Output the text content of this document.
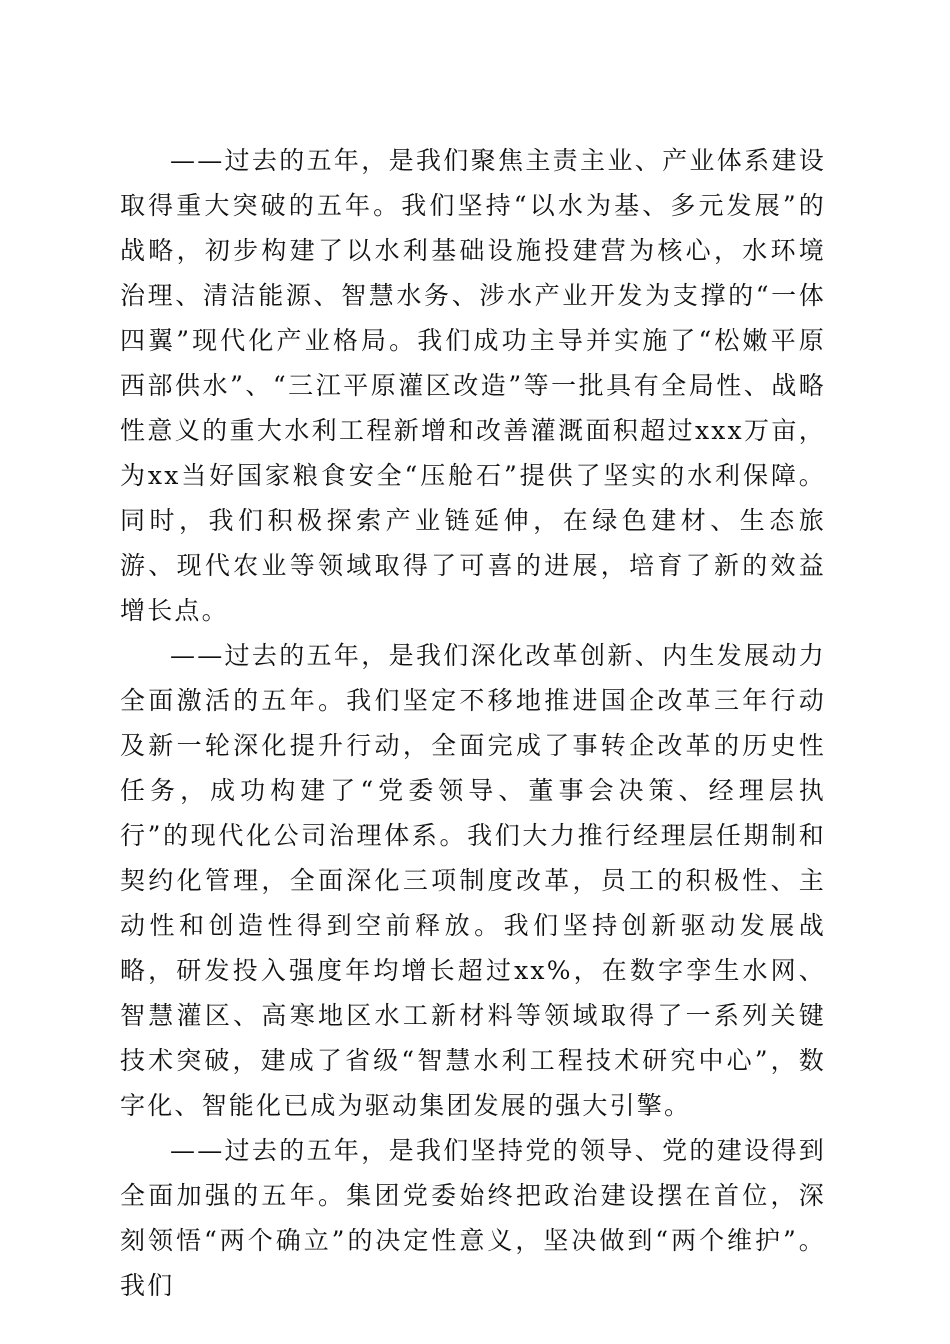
——过去的五年，是我们聚焦主责主业、产业体系建设取得重大突破的五年。我们坚持“以水为基、多元发展”的战略，初步构建了以水利基础设施投建营为核心，水环境治理、清洁能源、智慧水务、涉水产业开发为支撑的“一体四翼”现代化产业格局。我们成功主导并实施了“松嫩平原西部供水”、“三江平原灌区改造”等一批具有全局性、战略性意义的重大水利工程新增和改善灌溉面积超过xxx万亩，为xx当好国家粮食安全“压舱石”提供了坚实的水利保障。同时，我们积极探索产业链延伸，在绿色建材、生态旅游、现代农业等领域取得了可喜的进展，培育了新的效益增长点。

——过去的五年，是我们深化改革创新、内生发展动力全面激活的五年。我们坚定不移地推进国企改革三年行动及新一轮深化提升行动，全面完成了事转企改革的历史性任务，成功构建了“党委领导、董事会决策、经理层执行”的现代化公司治理体系。我们大力推行经理层任期制和契约化管理，全面深化三项制度改革，员工的积极性、主动性和创造性得到空前释放。我们坚持创新驱动发展战略，研发投入强度年均增长超过xx%，在数字孪生水网、智慧灌区、高寒地区水工新材料等领域取得了一系列关键技术突破，建成了省级“智慧水利工程技术研究中心”，数字化、智能化已成为驱动集团发展的强大引擎。

——过去的五年，是我们坚持党的领导、党的建设得到全面加强的五年。集团党委始终把政治建设摆在首位，深刻领悟“两个确立”的决定性意义，坚决做到“两个维护”。我们
